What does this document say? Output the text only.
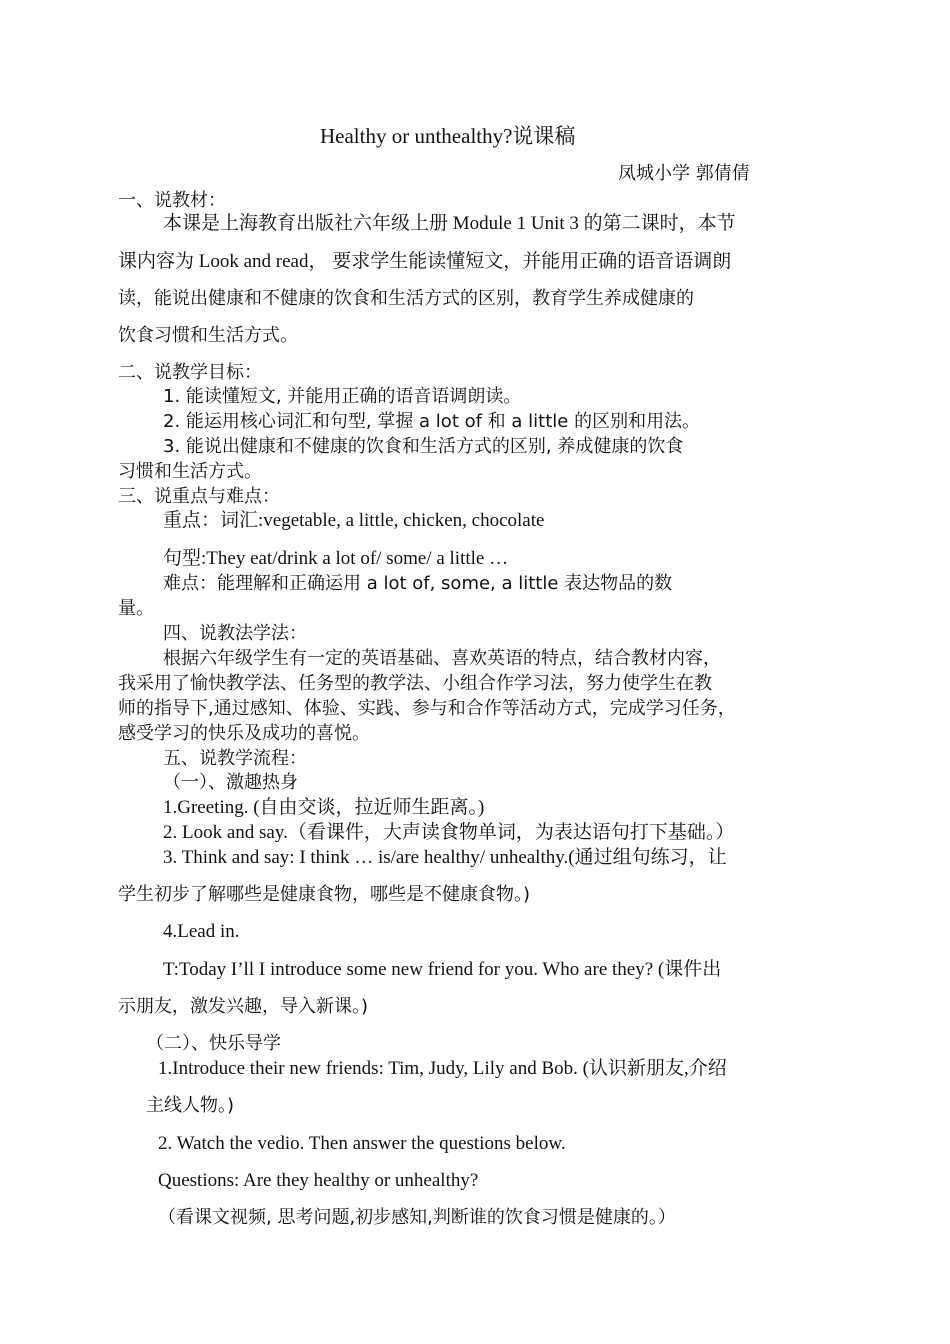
Healthy or unthealthy?说课稿
凤城小学 郭倩倩
一、说教材：
本课是上海教育出版社六年级上册 Module 1 Unit 3 的第二课时，本节
课内容为 Look and read， 要求学生能读懂短文，并能用正确的语音语调朗
读，能说出健康和不健康的饮食和生活方式的区别，教育学生养成健康的
饮食习惯和生活方式。
二、说教学目标：
1. 能读懂短文, 并能用正确的语音语调朗读。
2. 能运用核心词汇和句型, 掌握 a lot of 和 a little 的区别和用法。
3. 能说出健康和不健康的饮食和生活方式的区别, 养成健康的饮食
习惯和生活方式。
三、说重点与难点：
重点：词汇:vegetable, a little, chicken, chocolate
句型:They eat/drink a lot of/ some/ a little …
难点：能理解和正确运用 a lot of, some, a little 表达物品的数
量。
四、说教法学法：
根据六年级学生有一定的英语基础、喜欢英语的特点，结合教材内容，
我采用了愉快教学法、任务型的教学法、小组合作学习法，努力使学生在教
师的指导下,通过感知、体验、实践、参与和合作等活动方式，完成学习任务，
感受学习的快乐及成功的喜悦。
五、说教学流程：
（一）、激趣热身
1.Greeting. (自由交谈，拉近师生距离。)
2. Look and say.（看课件，大声读食物单词，为表达语句打下基础。）
3. Think and say: I think … is/are healthy/ unhealthy.(通过组句练习，让
学生初步了解哪些是健康食物，哪些是不健康食物。)
4.Lead in.
T:Today I’ll I introduce some new friend for you. Who are they? (课件出
示朋友，激发兴趣，导入新课。)
（二）、快乐导学
1.Introduce their new friends: Tim, Judy, Lily and Bob. (认识新朋友,介绍
主线人物。)
2. Watch the vedio. Then answer the questions below.
Questions: Are they healthy or unhealthy?
（看课文视频, 思考问题,初步感知,判断谁的饮食习惯是健康的。）
